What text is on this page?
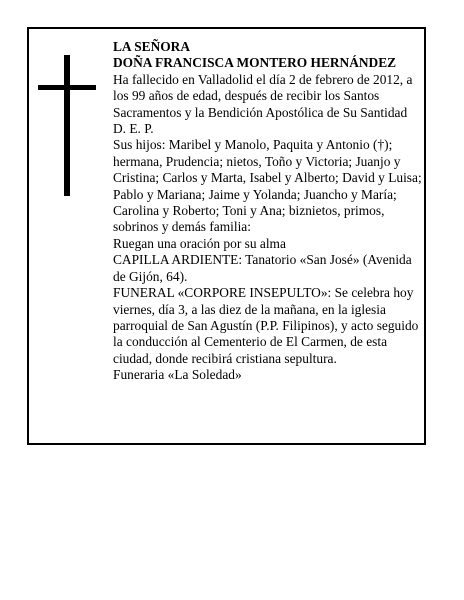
LA SEÑORA

DOÑA FRANCISCA MONTERO HERNÁNDEZ

Ha fallecido en Valladolid el día 2 de febrero de 2012, a los 99 años de edad, después de recibir los Santos Sacramentos y la Bendición Apostólica de Su Santidad D. E. P.

Sus hijos: Maribel y Manolo, Paquita y Antonio (†); hermana, Prudencia; nietos, Toño y Victoria; Juanjo y Cristina; Carlos y Marta, Isabel y Alberto; David y Luisa; Pablo y Mariana; Jaime y Yolanda; Juancho y María; Carolina y Roberto; Toni y Ana; biznietos, primos, sobrinos y demás familia:

Ruegan una oración por su alma

CAPILLA ARDIENTE: Tanatorio «San José» (Avenida de Gijón, 64).

FUNERAL «CORPORE INSEPULTO»: Se celebra hoy viernes, día 3, a las diez de la mañana, en la iglesia parroquial de San Agustín (P.P. Filipinos), y acto seguido la conducción al Cementerio de El Carmen, de esta ciudad, donde recibirá cristiana sepultura.

Funeraria «La Soledad»
